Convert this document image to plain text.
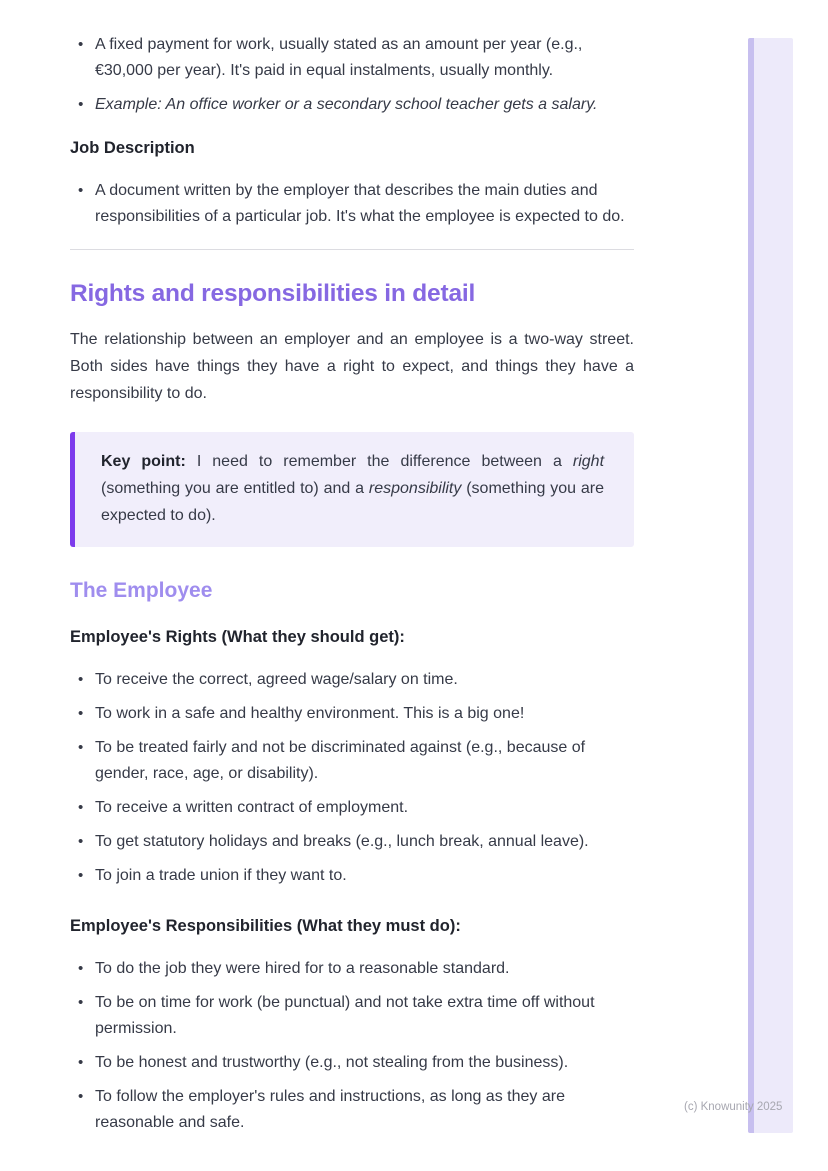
• A fixed payment for work, usually stated as an amount per year (e.g., €30,000 per year). It's paid in equal instalments, usually monthly.
• Example: An office worker or a secondary school teacher gets a salary.
Job Description
• A document written by the employer that describes the main duties and responsibilities of a particular job. It's what the employee is expected to do.
Rights and responsibilities in detail

The relationship between an employer and an employee is a two-way street. Both sides have things they have a right to expect, and things they have a responsibility to do.

Key point: I need to remember the difference between a right (something you are entitled to) and a responsibility (something you are expected to do).
The Employee
Employee's Rights (What they should get):
• To receive the correct, agreed wage/salary on time.
• To work in a safe and healthy environment. This is a big one!
• To be treated fairly and not be discriminated against (e.g., because of gender, race, age, or disability).
• To receive a written contract of employment.
• To get statutory holidays and breaks (e.g., lunch break, annual leave).
• To join a trade union if they want to.
Employee's Responsibilities (What they must do):
• To do the job they were hired for to a reasonable standard.
• To be on time for work (be punctual) and not take extra time off without permission.
• To be honest and trustworthy (e.g., not stealing from the business).
• To follow the employer's rules and instructions, as long as they are reasonable and safe.
(c) Knowunity 2025
